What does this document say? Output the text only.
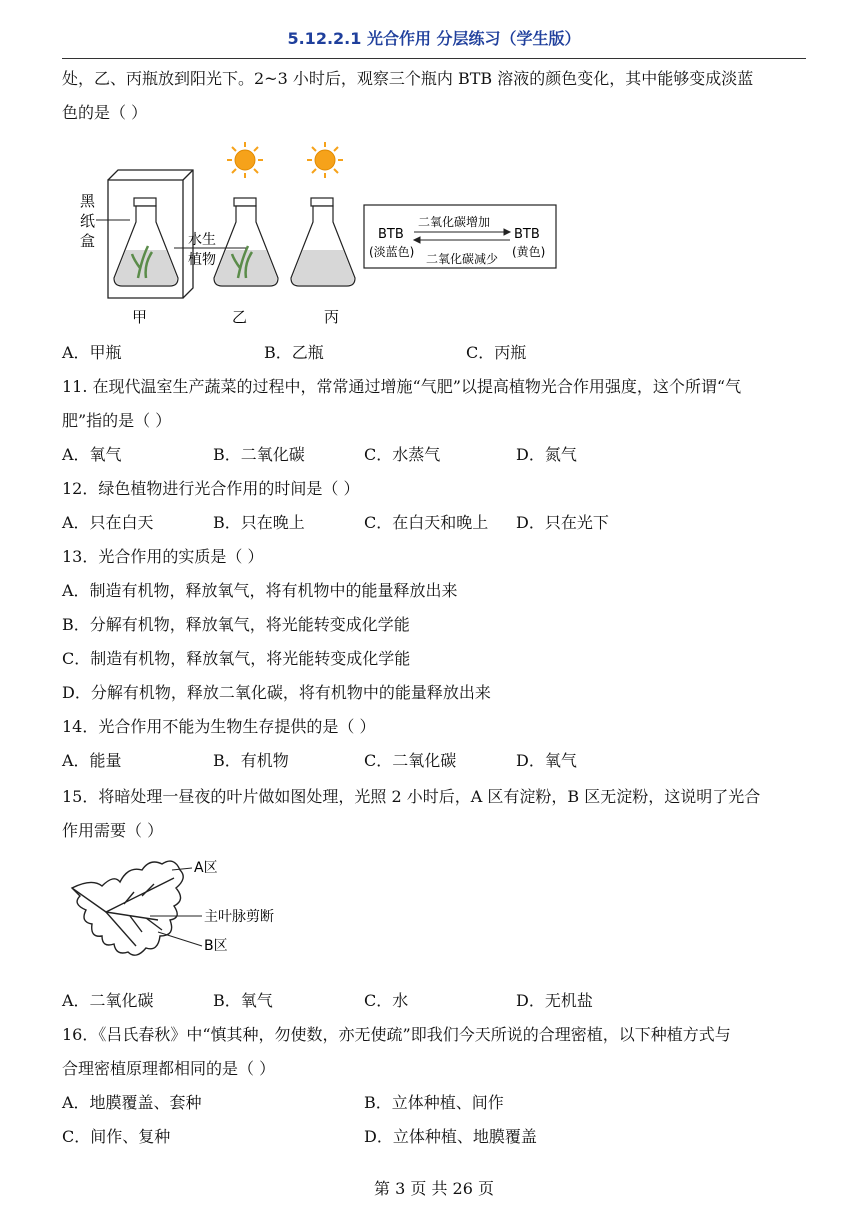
5.12.2.1 光合作用 分层练习（学生版）
处，乙、丙瓶放到阳光下。2~3 小时后，观察三个瓶内 BTB 溶液的颜色变化，其中能够变成淡蓝
色的是（ ）
黑
纸
盒	水生
植物
甲	乙	丙
BTB
(淡蓝色)
BTB
(黄色)
二氧化碳增加
二氧化碳减少
A．甲瓶	B．乙瓶	C．丙瓶
11. 在现代温室生产蔬菜的过程中，常常通过增施“气肥”以提高植物光合作用强度，这个所谓“气
肥”指的是（ ）
A．氧气	B．二氧化碳	C．水蒸气	D．氮气
12．绿色植物进行光合作用的时间是（ ）
A．只在白天	B．只在晚上	C．在白天和晚上 D．只在光下
13．光合作用的实质是（ ）
A．制造有机物，释放氧气，将有机物中的能量释放出来
B．分解有机物，释放氧气，将光能转变成化学能
C．制造有机物，释放氧气，将光能转变成化学能
D．分解有机物，释放二氧化碳，将有机物中的能量释放出来
14．光合作用不能为生物生存提供的是（ ）
A．能量	B．有机物	C．二氧化碳	D．氧气
15．将暗处理一昼夜的叶片做如图处理，光照 2 小时后，A 区有淀粉，B 区无淀粉，这说明了光合
作用需要（ ）
A区
主叶脉剪断
B区
A．二氧化碳	B．氧气	C．水	D．无机盐
16．《吕氏春秋》中“慎其种，勿使数，亦无使疏”即我们今天所说的合理密植，以下种植方式与
合理密植原理都相同的是（ ）
A．地膜覆盖、套种	B．立体种植、间作
C．间作、复种	D．立体种植、地膜覆盖
第 3 页 共 26 页
